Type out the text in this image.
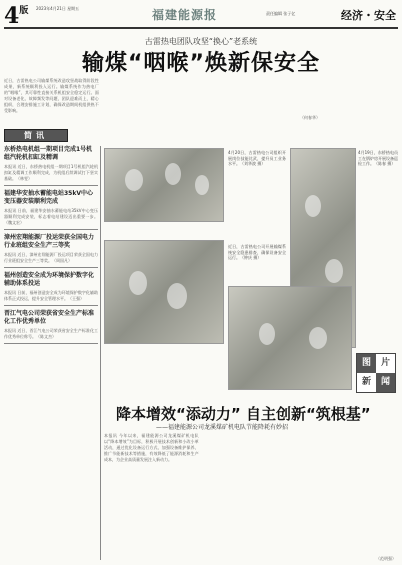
$4^版$ 2023年4月21日 星期五	福建能源报	责任编辑 张子亿	经济・安全
古雷热电团队攻坚“换心”老系统
输煤“咽喉”焕新保安全
近日，古雷热电公司输煤系统改造攻坚战取得阶段性成果，新系统顺利投入运行。输煤系统作为热电厂的“咽喉”，其可靠性直接关系机组安全稳定运行。面对设备老化、故障频发等问题，团队迎难而上，精心组织，合理安排施工计划，确保改造期间机组供热不受影响。
（何春华）
简讯
东桥热电机组一期项目完成1号机组汽轮机扣缸及精调
本报讯 近日，东桥热电机组一期项目1号机组汽轮机扣缸及精调工作顺利完成，为机组后续调试打下坚实基础。（林雯）
福建华安抽水蓄能电站35kV中心变压器安装顺利完成
本报讯 日前，福建华安抽水蓄能电站35kV中心变压器顺利完成安装，标志着电站建设迈出重要一步。（魏文宏）
漳州宏翔能源厂投运荣获全国电力行业班组安全生产三等奖
本报讯 近日，漳州宏翔能源厂投运项目荣获全国电力行业班组安全生产三等奖。（周国凡）
福州创造安全成为环境保护数字化辅助体系投运
本报讯 日前，福州创造安全成为环境保护数字化辅助体系正式投运，提升安全管理水平。（王强）
晋江气电公司荣获省安全生产标准化工作优秀单位
本报讯 近日，晋江气电公司荣获省安全生产标准化工作优秀单位称号。（陈文杰）
4月20日，古雷热电公司组织开展岗位技能比武，提升员工业务水平。（刘华波 摄）
近日，古雷热电公司开展输煤系统安全隐患排查，确保设备安全运行。（钟庆 摄）
4月19日，东桥热电员工在锅炉房开展设备巡检工作。（陈春 摄）
图	片
新	闻
降本增效“添动力” 自主创新“筑根基”
——福建能源公司龙溪煤矿机电队节能降耗有妙招
本报讯 今年以来，福建能源公司龙溪煤矿机电队以“降本增效”为目标，积极开展技术创新和小改小革活动，通过优化设备运行方式、加强设备维护保养、推广节能新技术等措施，有效降低了能源消耗和生产成本，为企业高质量发展注入新动力。
（范明强）
